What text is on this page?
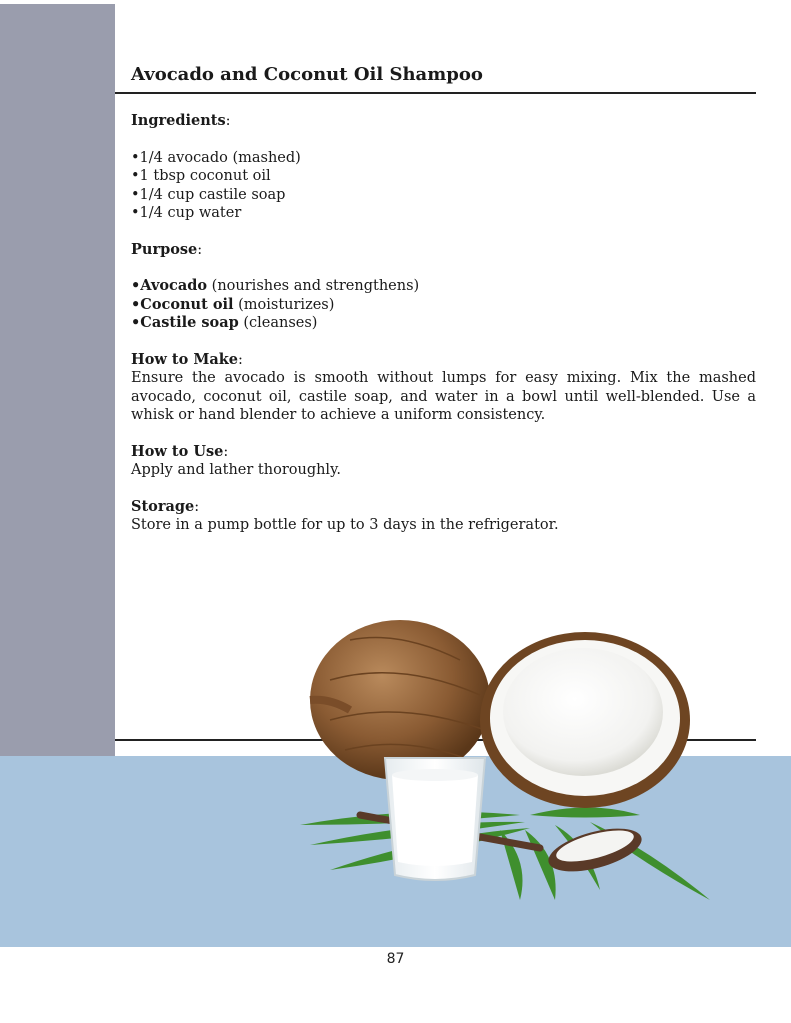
Avocado and Coconut Oil Shampoo

Ingredients:

•1/4 avocado (mashed)
•1 tbsp coconut oil
•1/4 cup castile soap
•1/4 cup water

Purpose:

•Avocado (nourishes and strengthens)
•Coconut oil (moisturizes)
•Castile soap (cleanses)

How to Make:

Ensure the avocado is smooth without lumps for easy mixing. Mix the mashed avocado, coconut oil, castile soap, and water in a bowl until well-blended. Use a whisk or hand blender to achieve a uniform consistency.

How to Use:

Apply and lather thoroughly.

Storage:

Store in a pump bottle for up to 3 days in the refrigerator.

87
